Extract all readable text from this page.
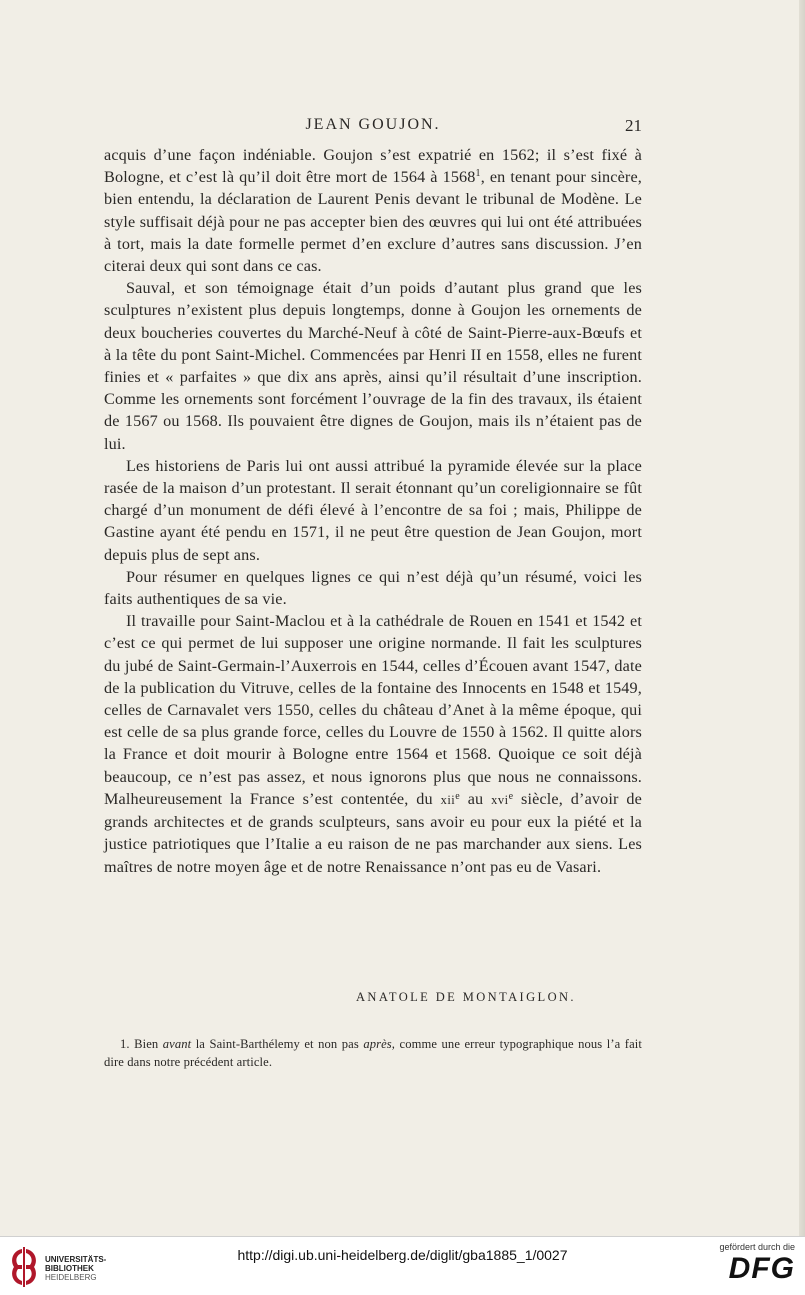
JEAN GOUJON.	21

acquis d’une façon indéniable. Goujon s’est expatrié en 1562; il s’est fixé à Bologne, et c’est là qu’il doit être mort de 1564 à 1568$^1$, en tenant pour sincère, bien entendu, la déclaration de Laurent Penis devant le tribunal de Modène. Le style suffisait déjà pour ne pas accepter bien des œuvres qui lui ont été attribuées à tort, mais la date formelle permet d’en exclure d’autres sans discussion. J’en citerai deux qui sont dans ce cas.

Sauval, et son témoignage était d’un poids d’autant plus grand que les sculptures n’existent plus depuis longtemps, donne à Goujon les ornements de deux boucheries couvertes du Marché-Neuf à côté de Saint-Pierre-aux-Bœufs et à la tête du pont Saint-Michel. Commencées par Henri II en 1558, elles ne furent finies et « parfaites » que dix ans après, ainsi qu’il résultait d’une inscription. Comme les ornements sont forcément l’ouvrage de la fin des travaux, ils étaient de 1567 ou 1568. Ils pouvaient être dignes de Goujon, mais ils n’étaient pas de lui.

Les historiens de Paris lui ont aussi attribué la pyramide élevée sur la place rasée de la maison d’un protestant. Il serait étonnant qu’un coreligionnaire se fût chargé d’un monument de défi élevé à l’encontre de sa foi ; mais, Philippe de Gastine ayant été pendu en 1571, il ne peut être question de Jean Goujon, mort depuis plus de sept ans.

Pour résumer en quelques lignes ce qui n’est déjà qu’un résumé, voici les faits authentiques de sa vie.

Il travaille pour Saint-Maclou et à la cathédrale de Rouen en 1541 et 1542 et c’est ce qui permet de lui supposer une origine normande. Il fait les sculptures du jubé de Saint-Germain-l’Auxerrois en 1544, celles d’Écouen avant 1547, date de la publication du Vitruve, celles de la fontaine des Innocents en 1548 et 1549, celles de Carnavalet vers 1550, celles du château d’Anet à la même époque, qui est celle de sa plus grande force, celles du Louvre de 1550 à 1562. Il quitte alors la France et doit mourir à Bologne entre 1564 et 1568. Quoique ce soit déjà beaucoup, ce n’est pas assez, et nous ignorons plus que nous ne connaissons. Malheureusement la France s’est contentée, du xii$^e$ au xvi$^e$ siècle, d’avoir de grands architectes et de grands sculpteurs, sans avoir eu pour eux la piété et la justice patriotiques que l’Italie a eu raison de ne pas marchander aux siens. Les maîtres de notre moyen âge et de notre Renaissance n’ont pas eu de Vasari.

ANATOLE DE MONTAIGLON.
1. Bien avant la Saint-Barthélemy et non pas après, comme une erreur typographique nous l’a fait dire dans notre précédent article.
UNIVERSITÄTS-
BIBLIOTHEK
HEIDELBERG
http://digi.ub.uni-heidelberg.de/diglit/gba1885_1/0027	gefördert durch die
DFG
